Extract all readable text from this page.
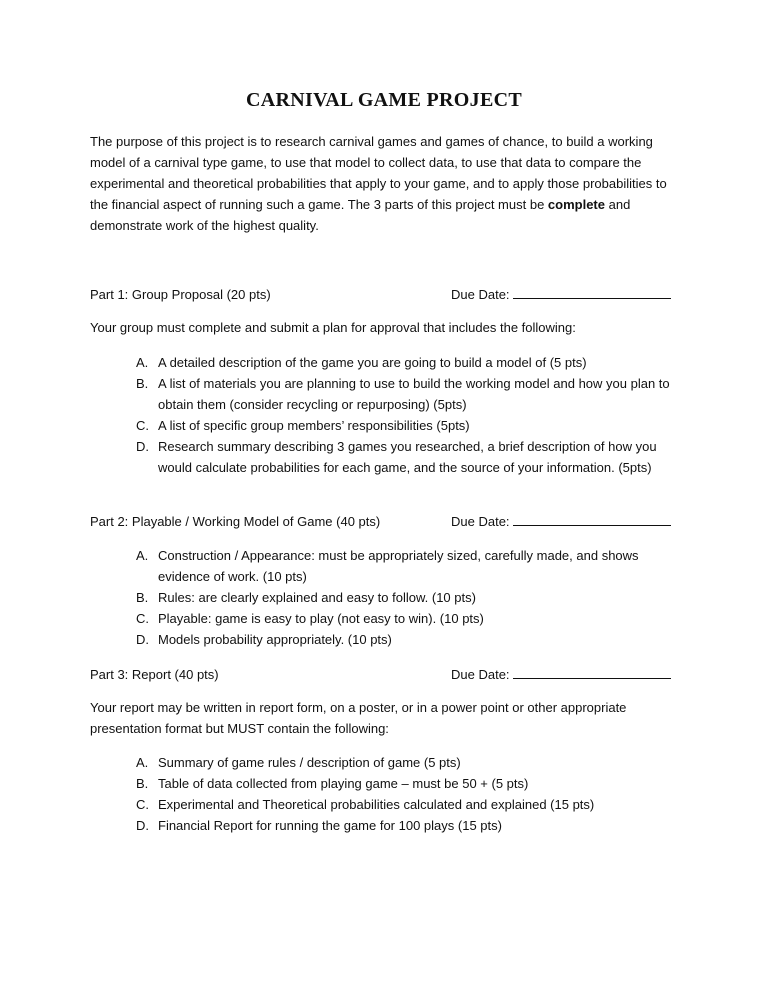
CARNIVAL GAME PROJECT

The purpose of this project is to research carnival games and games of chance, to build a working model of a carnival type game, to use that model to collect data, to use that data to compare the experimental and theoretical probabilities that apply to your game, and to apply those probabilities to the financial aspect of running such a game. The 3 parts of this project must be complete and demonstrate work of the highest quality.

Part 1: Group Proposal (20 pts)	Due Date:

Your group must complete and submit a plan for approval that includes the following:

A. A detailed description of the game you are going to build a model of (5 pts)
B. A list of materials you are planning to use to build the working model and how you plan to obtain them (consider recycling or repurposing) (5pts)
C. A list of specific group members’ responsibilities (5pts)
D. Research summary describing 3 games you researched, a brief description of how you would calculate probabilities for each game, and the source of your information. (5pts)
Part 2: Playable / Working Model of Game (40 pts)	Due Date:
A. Construction / Appearance: must be appropriately sized, carefully made, and shows evidence of work. (10 pts)
B. Rules: are clearly explained and easy to follow. (10 pts)
C. Playable: game is easy to play (not easy to win). (10 pts)
D. Models probability appropriately. (10 pts)
Part 3: Report (40 pts)	Due Date:

Your report may be written in report form, on a poster, or in a power point or other appropriate presentation format but MUST contain the following:

A. Summary of game rules / description of game (5 pts)
B. Table of data collected from playing game – must be 50 + (5 pts)
C. Experimental and Theoretical probabilities calculated and explained (15 pts)
D. Financial Report for running the game for 100 plays (15 pts)
